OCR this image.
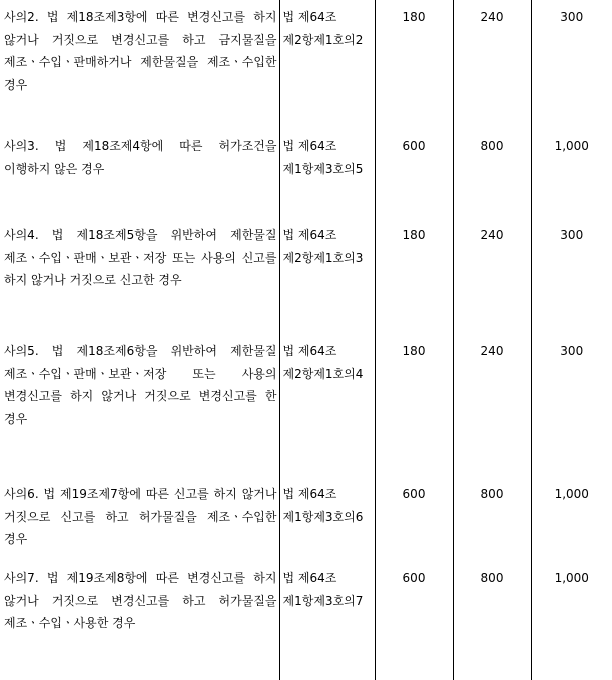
사의2. 법 제18조제3항에 따른 변경신고를 하지 않거나 거짓으로 변경신고를 하고 금지물질을 제조ㆍ수입ㆍ판매하거나 제한물질을 제조ㆍ수입한 경우	법 제64조
제2항제1호의2	180	240	300

사의3. 법 제18조제4항에 따른 허가조건을 이행하지 않은 경우	법 제64조
제1항제3호의5	600	800	1,000

사의4. 법 제18조제5항을 위반하여 제한물질 제조ㆍ수입ㆍ판매ㆍ보관ㆍ저장 또는 사용의 신고를 하지 않거나 거짓으로 신고한 경우	법 제64조
제2항제1호의3	180	240	300

사의5. 법 제18조제6항을 위반하여 제한물질 제조ㆍ수입ㆍ판매ㆍ보관ㆍ저장 또는 사용의 변경신고를 하지 않거나 거짓으로 변경신고를 한 경우	법 제64조
제2항제1호의4	180	240	300

사의6. 법 제19조제7항에 따른 신고를 하지 않거나 거짓으로 신고를 하고 허가물질을 제조ㆍ수입한 경우	법 제64조
제1항제3호의6	600	800	1,000

사의7. 법 제19조제8항에 따른 변경신고를 하지 않거나 거짓으로 변경신고를 하고 허가물질을 제조ㆍ수입ㆍ사용한 경우	법 제64조
제1항제3호의7	600	800	1,000
